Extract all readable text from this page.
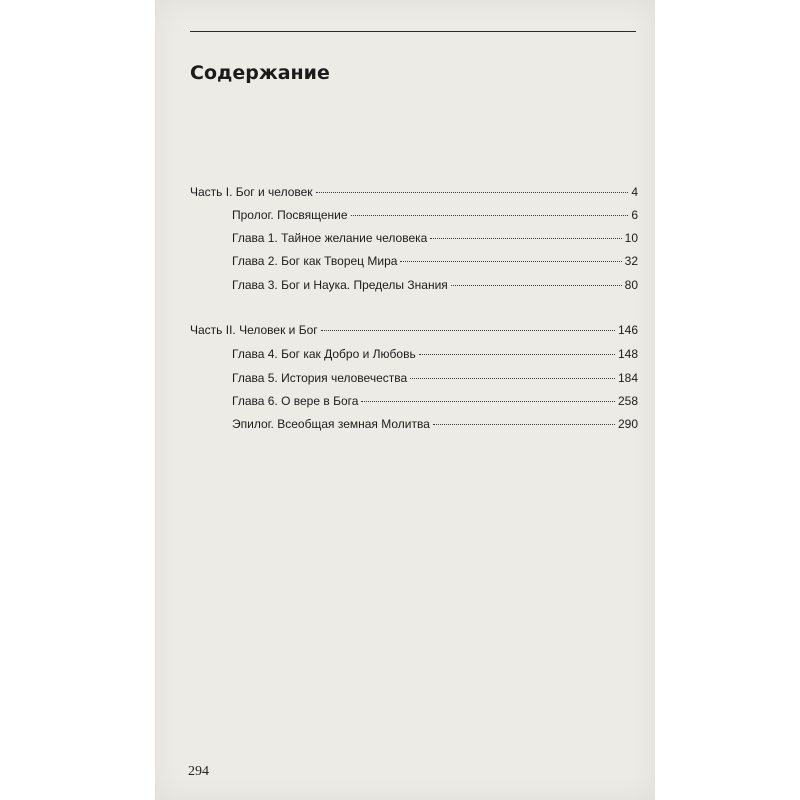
Содержание
Часть I. Бог и человек	4
Пролог. Посвящение	6
Глава 1. Тайное желание человека	10
Глава 2. Бог как Творец Мира	32
Глава 3. Бог и Наука. Пределы Знания	80
Часть II. Человек и Бог	146
Глава 4. Бог как Добро и Любовь	148
Глава 5. История человечества	184
Глава 6. О вере в Бога	258
Эпилог. Всеобщая земная Молитва	290
294
